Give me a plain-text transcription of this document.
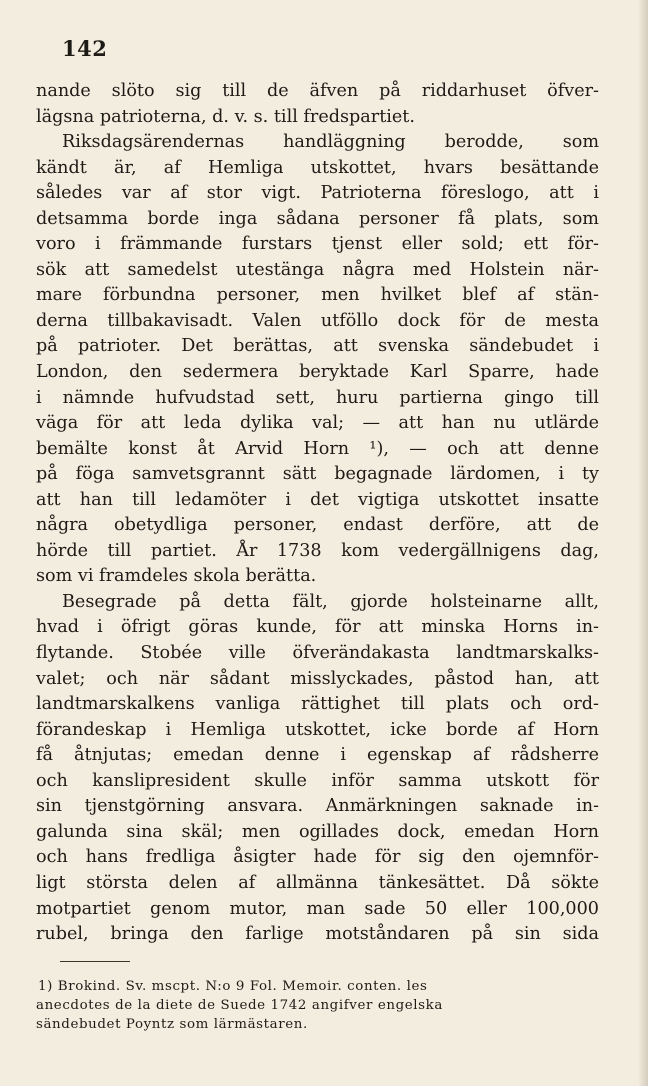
142
nande slöto sig till de äfven på riddarhuset öfver-
lägsna patrioterna, d. v. s. till fredspartiet.
Riksdagsärendernas handläggning berodde, som
kändt är, af Hemliga utskottet, hvars besättande
således var af stor vigt. Patrioterna föreslogo, att i
detsamma borde inga sådana personer få plats, som
voro i främmande furstars tjenst eller sold; ett för-
sök att samedelst utestänga några med Holstein när-
mare förbundna personer, men hvilket blef af stän-
derna tillbakavisadt. Valen utföllo dock för de mesta
på patrioter. Det berättas, att svenska sändebudet i
London, den sedermera beryktade Karl Sparre, hade
i nämnde hufvudstad sett, huru partierna gingo till
väga för att leda dylika val; — att han nu utlärde
bemälte konst åt Arvid Horn ¹), — och att denne
på föga samvetsgrannt sätt begagnade lärdomen, i ty
att han till ledamöter i det vigtiga utskottet insatte
några obetydliga personer, endast derföre, att de
hörde till partiet. År 1738 kom vedergällnigens dag,
som vi framdeles skola berätta.
Besegrade på detta fält, gjorde holsteinarne allt,
hvad i öfrigt göras kunde, för att minska Horns in-
flytande. Stobée ville öfverändakasta landtmarskalks-
valet; och när sådant misslyckades, påstod han, att
landtmarskalkens vanliga rättighet till plats och ord-
förandeskap i Hemliga utskottet, icke borde af Horn
få åtnjutas; emedan denne i egenskap af rådsherre
och kanslipresident skulle inför samma utskott för
sin tjenstgörning ansvara. Anmärkningen saknade in-
galunda sina skäl; men ogillades dock, emedan Horn
och hans fredliga åsigter hade för sig den ojemnför-
ligt största delen af allmänna tänkesättet. Då sökte
motpartiet genom mutor, man sade 50 eller 100,000
rubel, bringa den farlige motståndaren på sin sida
1) Brokind. Sv. mscpt. N:o 9 Fol. Memoir. conten. les
anecdotes de la diete de Suede 1742 angifver engelska
sändebudet Poyntz som lärmästaren.
